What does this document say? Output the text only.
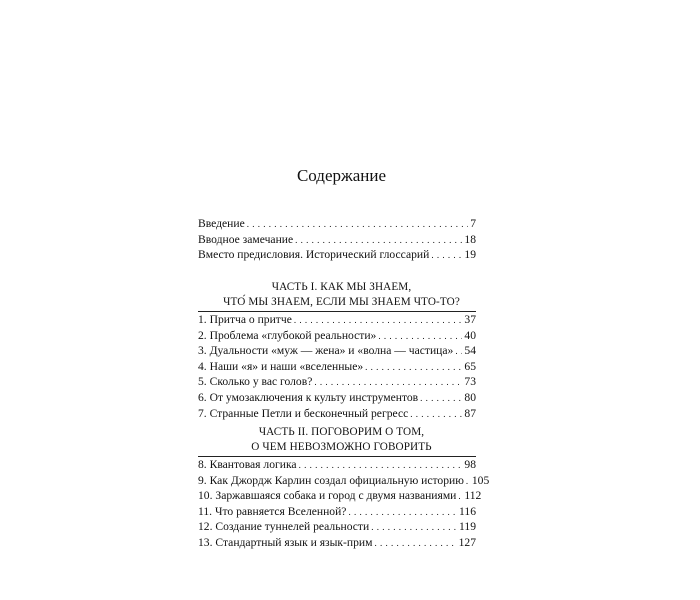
Содержание
Введение . . .	7
Вводное замечание . . .	18
Вместо предисловия. Исторический глоссарий . . .	19
ЧАСТЬ I. КАК МЫ ЗНАЕМ,
ЧТО́ МЫ ЗНАЕМ, ЕСЛИ МЫ ЗНАЕМ ЧТО-ТО?
1. Притча о притче . . .	37
2. Проблема «глубокой реальности» . . .	40
3. Дуальности «муж — жена» и «волна — частица» . . . 54
4. Наши «я» и наши «вселенные» . . .	65
5. Сколько у вас голов? . . .	73
6. От умозаключения к культу инструментов . . .	80
7. Странные Петли и бесконечный регресс . . .	87
ЧАСТЬ II. ПОГОВОРИМ О ТОМ,
О ЧЕМ НЕВОЗМОЖНО ГОВОРИТЬ
8. Квантовая логика . . .	98
9. Как Джордж Карлин создал официальную историю . . . 105
10. Заржавшаяся собака и город с двумя названиями . . . 112
11. Что равняется Вселенной? . . .	116
12. Создание туннелей реальности . . .	119
13. Стандартный язык и язык-прим . . .	127
